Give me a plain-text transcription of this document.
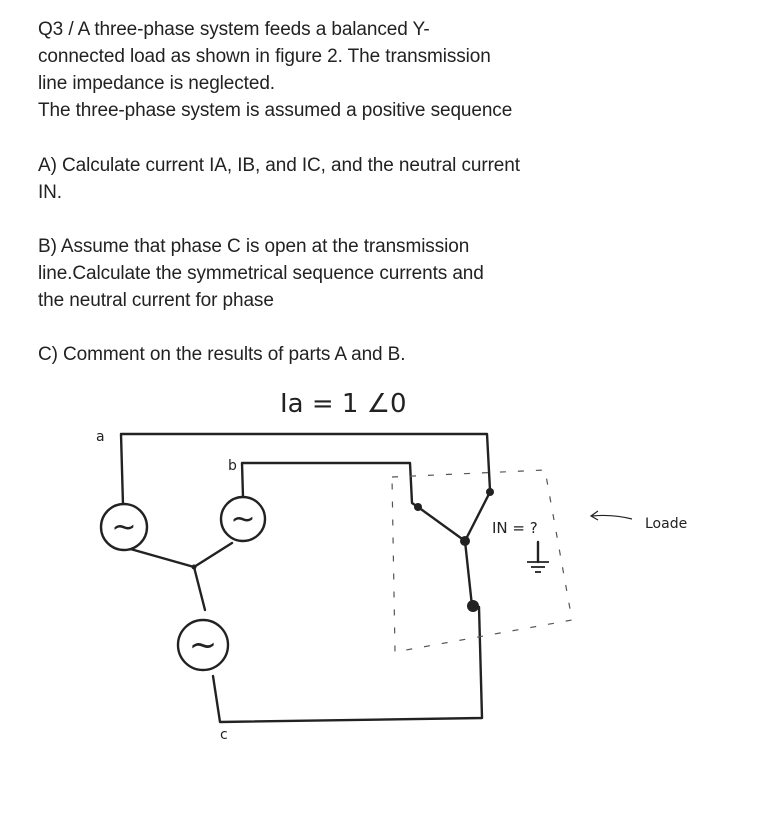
Q3 / A three-phase system feeds a balanced Y-

connected load as shown in figure 2. The transmission

line impedance is neglected.

The three-phase system is assumed a positive sequence

A) Calculate current IA, IB, and IC, and the neutral current

IN.

B) Assume that phase C is open at the transmission

line.Calculate the symmetrical sequence currents and

the neutral current for phase

C) Comment on the results of parts A and B.

~	~
~
Ia = 1 ∠0
a
b
c
IN = ?	Loade
